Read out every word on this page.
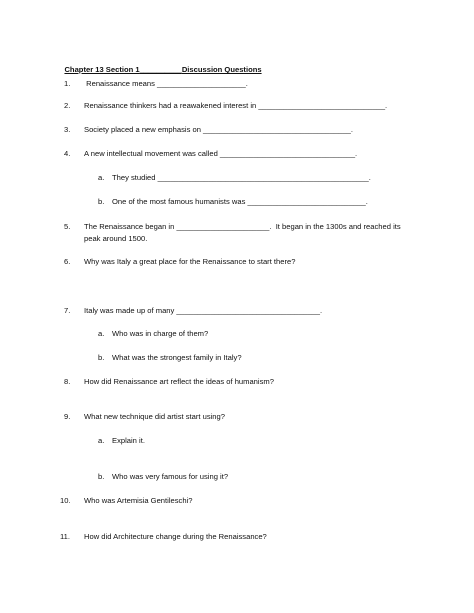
Chapter 13 Section 1__________Discussion Questions

1. Renaissance means _____________________.
2. Renaissance thinkers had a reawakened interest in ______________________________.
3. Society placed a new emphasis on ___________________________________.
4. A new intellectual movement was called ________________________________.
a. They studied __________________________________________________.
b. One of the most famous humanists was ____________________________.
5. The Renaissance began in ______________________.  It began in the 1300s and reached its
peak around 1500.
6. Why was Italy a great place for the Renaissance to start there?
7. Italy was made up of many __________________________________.
a. Who was in charge of them?
b. What was the strongest family in Italy?
8. How did Renaissance art reflect the ideas of humanism?
9. What new technique did artist start using?
a. Explain it.
b. Who was very famous for using it?
10. Who was Artemisia Gentileschi?
11. How did Architecture change during the Renaissance?
